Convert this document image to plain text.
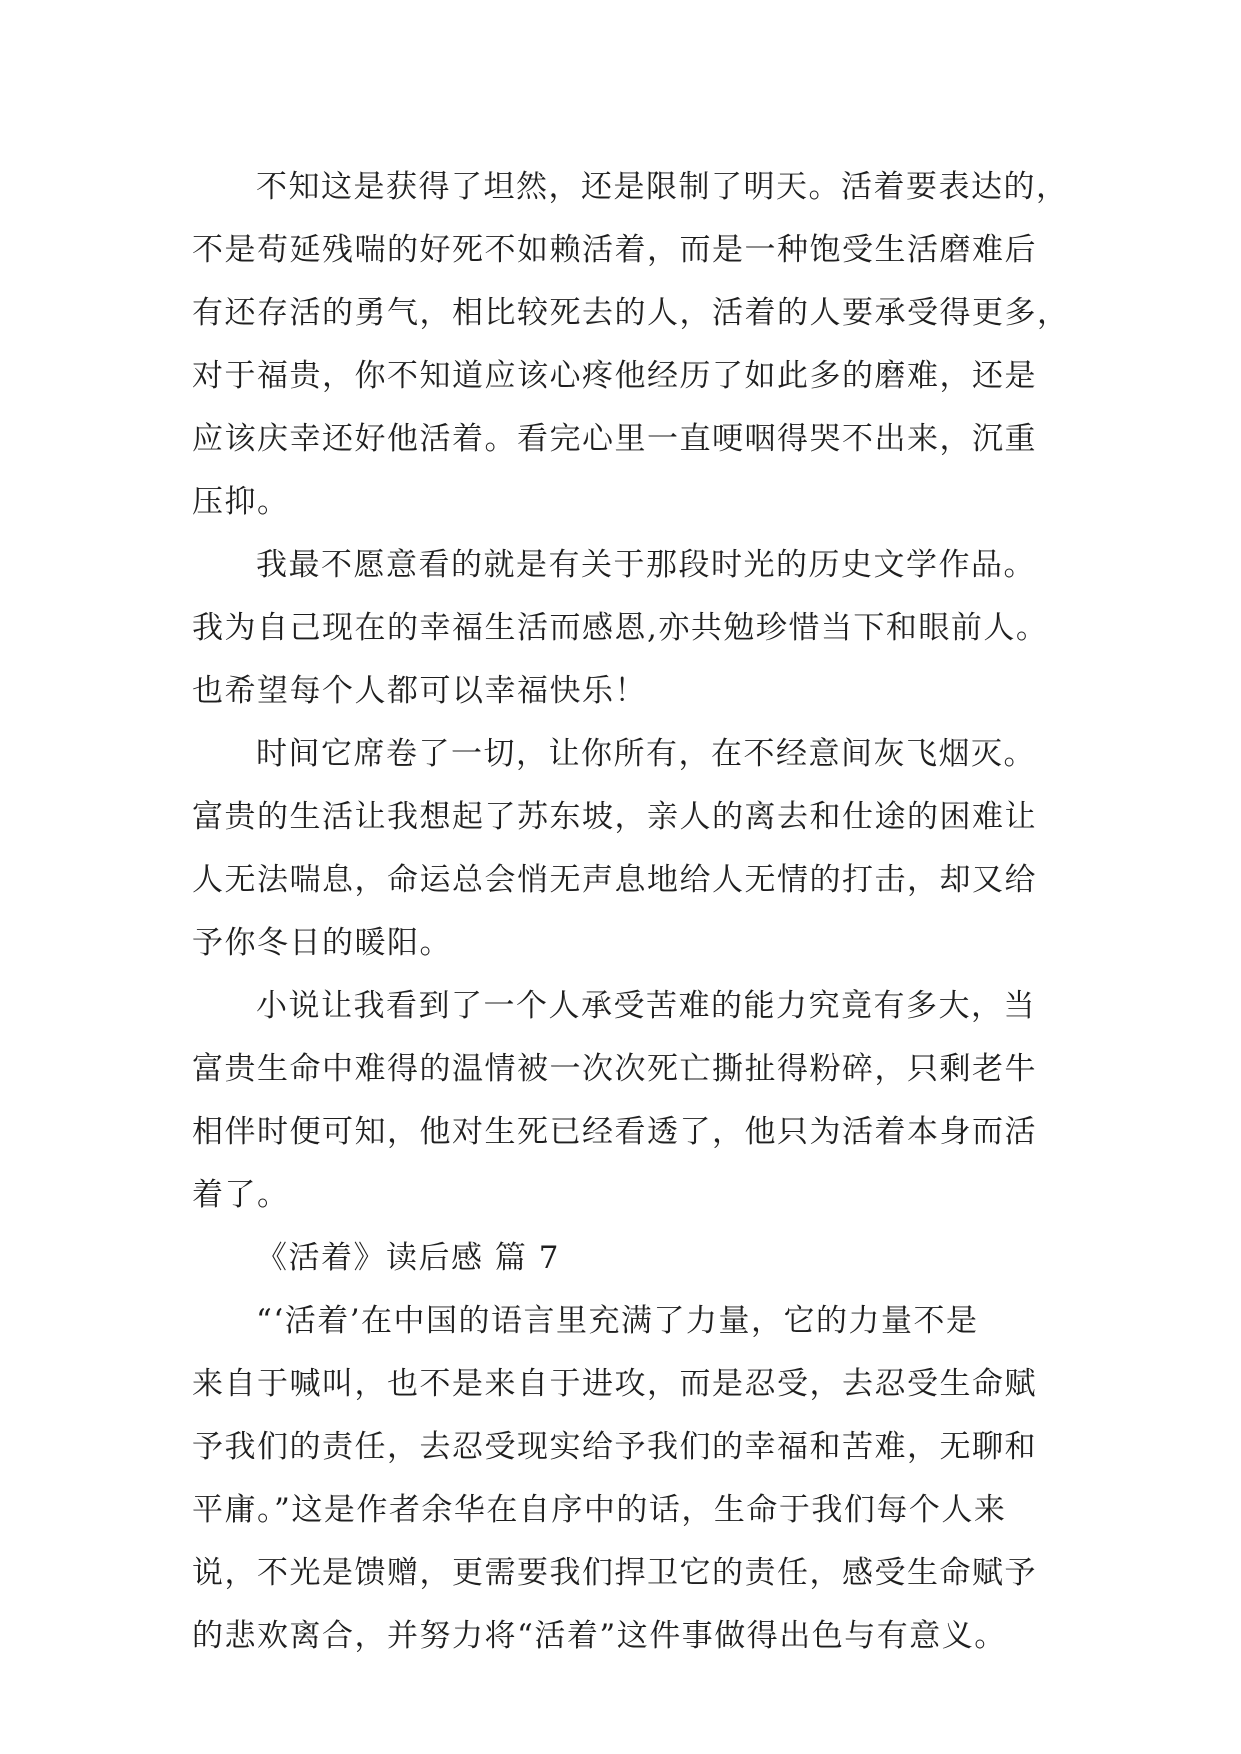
不知这是获得了坦然，还是限制了明天。活着要表达的，
不是苟延残喘的好死不如赖活着，而是一种饱受生活磨难后
有还存活的勇气，相比较死去的人，活着的人要承受得更多，
对于福贵，你不知道应该心疼他经历了如此多的磨难，还是
应该庆幸还好他活着。看完心里一直哽咽得哭不出来，沉重
压抑。
我最不愿意看的就是有关于那段时光的历史文学作品。
我为自己现在的幸福生活而感恩,亦共勉珍惜当下和眼前人。
也希望每个人都可以幸福快乐！
时间它席卷了一切，让你所有，在不经意间灰飞烟灭。
富贵的生活让我想起了苏东坡，亲人的离去和仕途的困难让
人无法喘息，命运总会悄无声息地给人无情的打击，却又给
予你冬日的暖阳。
小说让我看到了一个人承受苦难的能力究竟有多大，当
富贵生命中难得的温情被一次次死亡撕扯得粉碎，只剩老牛
相伴时便可知，他对生死已经看透了，他只为活着本身而活
着了。
《活着》读后感 篇 7
“‘活着’在中国的语言里充满了力量，它的力量不是
来自于喊叫，也不是来自于进攻，而是忍受，去忍受生命赋
予我们的责任，去忍受现实给予我们的幸福和苦难，无聊和
平庸。”这是作者余华在自序中的话，生命于我们每个人来
说，不光是馈赠，更需要我们捍卫它的责任，感受生命赋予
的悲欢离合，并努力将“活着”这件事做得出色与有意义。
